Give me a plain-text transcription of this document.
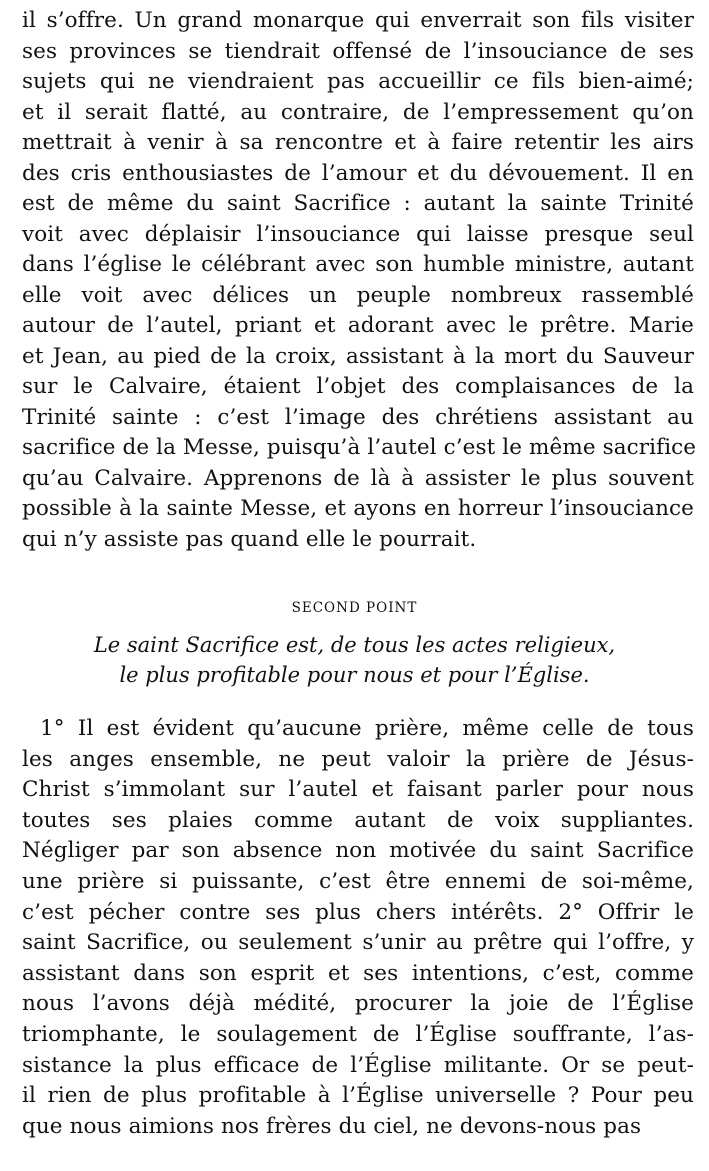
il s’offre. Un grand monarque qui enverrait son fils visiter
ses provinces se tiendrait offensé de l’insouciance de ses
sujets qui ne viendraient pas accueillir ce fils bien-aimé;
et il serait flatté, au contraire, de l’empressement qu’on
mettrait à venir à sa rencontre et à faire retentir les airs
des cris enthousiastes de l’amour et du dévouement. Il en
est de même du saint Sacrifice : autant la sainte Trinité
voit avec déplaisir l’insouciance qui laisse presque seul
dans l’église le célébrant avec son humble ministre, autant
elle voit avec délices un peuple nombreux rassemblé
autour de l’autel, priant et adorant avec le prêtre. Marie
et Jean, au pied de la croix, assistant à la mort du Sauveur
sur le Calvaire, étaient l’objet des complaisances de la
Trinité sainte : c’est l’image des chrétiens assistant au
sacrifice de la Messe, puisqu’à l’autel c’est le même sacrifice
qu’au Calvaire. Apprenons de là à assister le plus souvent
possible à la sainte Messe, et ayons en horreur l’insouciance
qui n’y assiste pas quand elle le pourrait.
SECOND POINT
Le saint Sacrifice est, de tous les actes religieux,
le plus profitable pour nous et pour l’Église.
1° Il est évident qu’aucune prière, même celle de tous
les anges ensemble, ne peut valoir la prière de Jésus-
Christ s’immolant sur l’autel et faisant parler pour nous
toutes ses plaies comme autant de voix suppliantes.
Négliger par son absence non motivée du saint Sacrifice
une prière si puissante, c’est être ennemi de soi-même,
c’est pécher contre ses plus chers intérêts. 2° Offrir le
saint Sacrifice, ou seulement s’unir au prêtre qui l’offre, y
assistant dans son esprit et ses intentions, c’est, comme
nous l’avons déjà médité, procurer la joie de l’Église
triomphante, le soulagement de l’Église souffrante, l’as-
sistance la plus efficace de l’Église militante. Or se peut-
il rien de plus profitable à l’Église universelle ? Pour peu
que nous aimions nos frères du ciel, ne devons-nous pas
